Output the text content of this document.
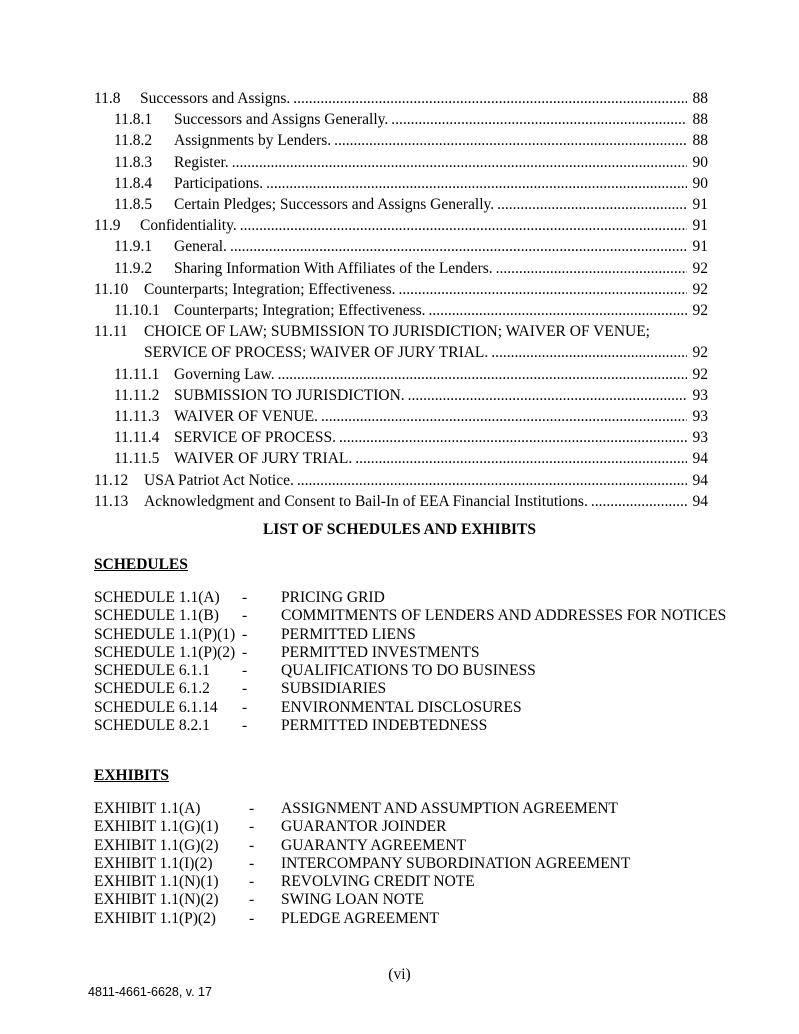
11.8	Successors and Assigns. .....	88
11.8.1	Successors and Assigns Generally. .....	88
11.8.2	Assignments by Lenders. .....	88
11.8.3	Register. .....	90
11.8.4	Participations. .....	90
11.8.5	Certain Pledges; Successors and Assigns Generally. .....	91
11.9	Confidentiality. .....	91
11.9.1	General. .....	91
11.9.2	Sharing Information With Affiliates of the Lenders. .....	92
11.10	Counterparts; Integration; Effectiveness. .....	92
11.10.1 Counterparts; Integration; Effectiveness. .....	92
11.11	CHOICE OF LAW; SUBMISSION TO JURISDICTION; WAIVER OF VENUE;
SERVICE OF PROCESS; WAIVER OF JURY TRIAL. .....	92
11.11.1 Governing Law. .....	92
11.11.2 SUBMISSION TO JURISDICTION. .....	93
11.11.3 WAIVER OF VENUE. .....	93
11.11.4 SERVICE OF PROCESS. .....	93
11.11.5 WAIVER OF JURY TRIAL. .....	94
11.12	USA Patriot Act Notice. .....	94
11.13	Acknowledgment and Consent to Bail-In of EEA Financial Institutions. .....	94
LIST OF SCHEDULES AND EXHIBITS
SCHEDULES
SCHEDULE 1.1(A)	-	PRICING GRID
SCHEDULE 1.1(B)	-	COMMITMENTS OF LENDERS AND ADDRESSES FOR NOTICES
SCHEDULE 1.1(P)(1)	-	PERMITTED LIENS
SCHEDULE 1.1(P)(2)	-	PERMITTED INVESTMENTS
SCHEDULE 6.1.1	-	QUALIFICATIONS TO DO BUSINESS
SCHEDULE 6.1.2	-	SUBSIDIARIES
SCHEDULE 6.1.14	-	ENVIRONMENTAL DISCLOSURES
SCHEDULE 8.2.1	-	PERMITTED INDEBTEDNESS
EXHIBITS
EXHIBIT 1.1(A)	-	ASSIGNMENT AND ASSUMPTION AGREEMENT
EXHIBIT 1.1(G)(1)	-	GUARANTOR JOINDER
EXHIBIT 1.1(G)(2)	-	GUARANTY AGREEMENT
EXHIBIT 1.1(I)(2)	-	INTERCOMPANY SUBORDINATION AGREEMENT
EXHIBIT 1.1(N)(1)	-	REVOLVING CREDIT NOTE
EXHIBIT 1.1(N)(2)	-	SWING LOAN NOTE
EXHIBIT 1.1(P)(2)	-	PLEDGE AGREEMENT
(vi)
4811-4661-6628, v. 17
